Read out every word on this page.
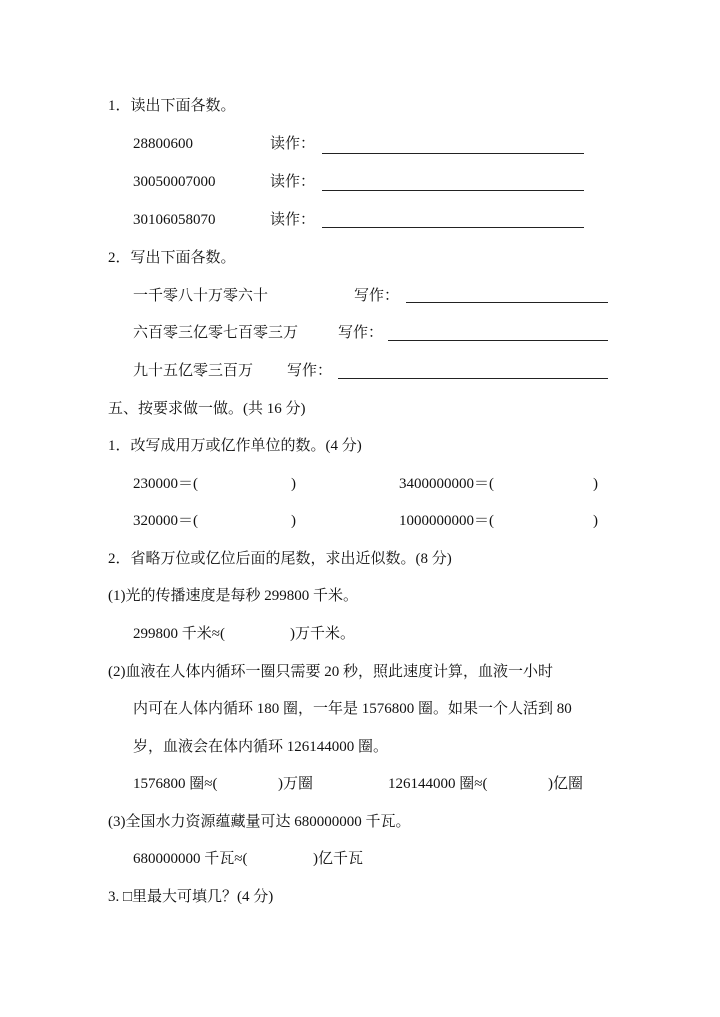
1．读出下面各数。
28800600	读作：
30050007000	读作：
30106058070	读作：
2．写出下面各数。
一千零八十万零六十	写作：
六百零三亿零七百零三万	写作：
九十五亿零三百万 写作：
五、按要求做一做。(共 16 分)
1．改写成用万或亿作单位的数。(4 分)
230000＝(	)	3400000000＝(	)
320000＝(	)	1000000000＝(	)
2．省略万位或亿位后面的尾数，求出近似数。(8 分)
(1)光的传播速度是每秒 299800 千米。
299800 千米≈(	)万千米。
(2)血液在人体内循环一圈只需要 20 秒，照此速度计算，血液一小时
内可在人体内循环 180 圈，一年是 1576800 圈。如果一个人活到 80
岁，血液会在体内循环 126144000 圈。
1576800 圈≈(	)万圈	126144000 圈≈(	)亿圈
(3)全国水力资源蕴藏量可达 680000000 千瓦。
680000000 千瓦≈(	)亿千瓦
3. □里最大可填几？(4 分)
